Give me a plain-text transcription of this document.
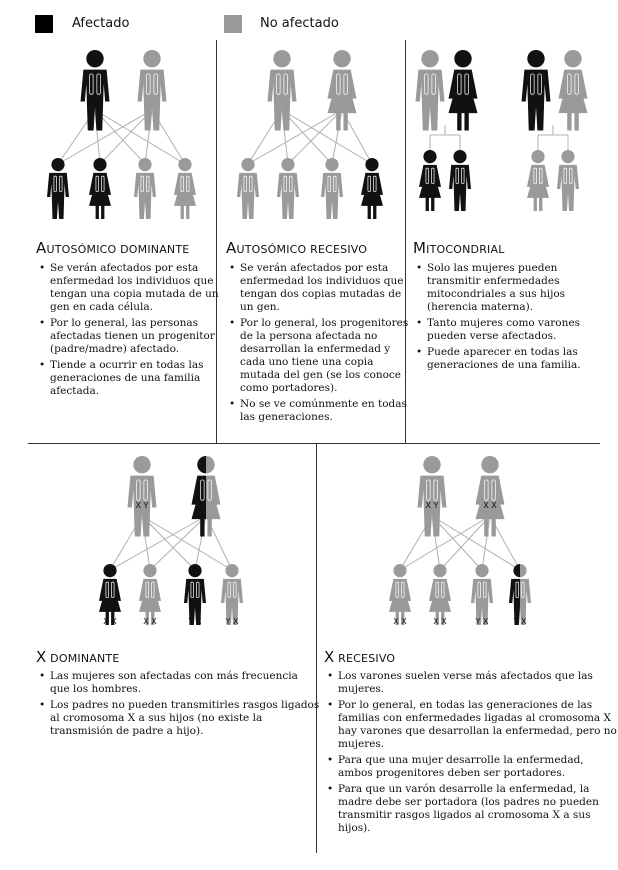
Afectado	No afectado
X Y
X X	X X	Y X	Y X
X Y	X X
X X	X X	Y X	Y X
AUTOSÓMICO DOMINANTE AUTOSÓMICO RECESIVO	MITOCONDRIAL
X DOMINANTE	X RECESIVO
• Se verán afectados por esta enfermedad los individuos que tengan una copia mutada de un gen en cada célula.
• Por lo general, las personas afectadas tienen un progenitor (padre/madre) afectado.
• Tiende a ocurrir en todas las generaciones de una familia afectada.
• Se verán afectados por esta enfermedad los individuos que tengan dos copias mutadas de un gen.
• Por lo general, los progenitores de la persona afectada no desarrollan la enfermedad y cada uno tiene una copia mutada del gen (se los conoce como portadores).
• No se ve comúnmente en todas las generaciones.
• Solo las mujeres pueden transmitir enfermedades mitocondriales a sus hijos (herencia materna).
• Tanto mujeres como varones pueden verse afectados.
• Puede aparecer en todas las generaciones de una familia.
• Las mujeres son afectadas con más frecuencia que los hombres.
• Los padres no pueden transmitirles rasgos ligados al cromosoma X a sus hijos (no existe la transmisión de padre a hijo).
• Los varones suelen verse más afectados que las mujeres.
• Por lo general, en todas las generaciones de las familias con enfermedades ligadas al cromosoma X hay varones que desarrollan la enfermedad, pero no mujeres.
• Para que una mujer desarrolle la enfermedad, ambos progenitores deben ser portadores.
• Para que un varón desarrolle la enfermedad, la madre debe ser portadora (los padres no pueden transmitir rasgos ligados al cromosoma X a sus hijos).
